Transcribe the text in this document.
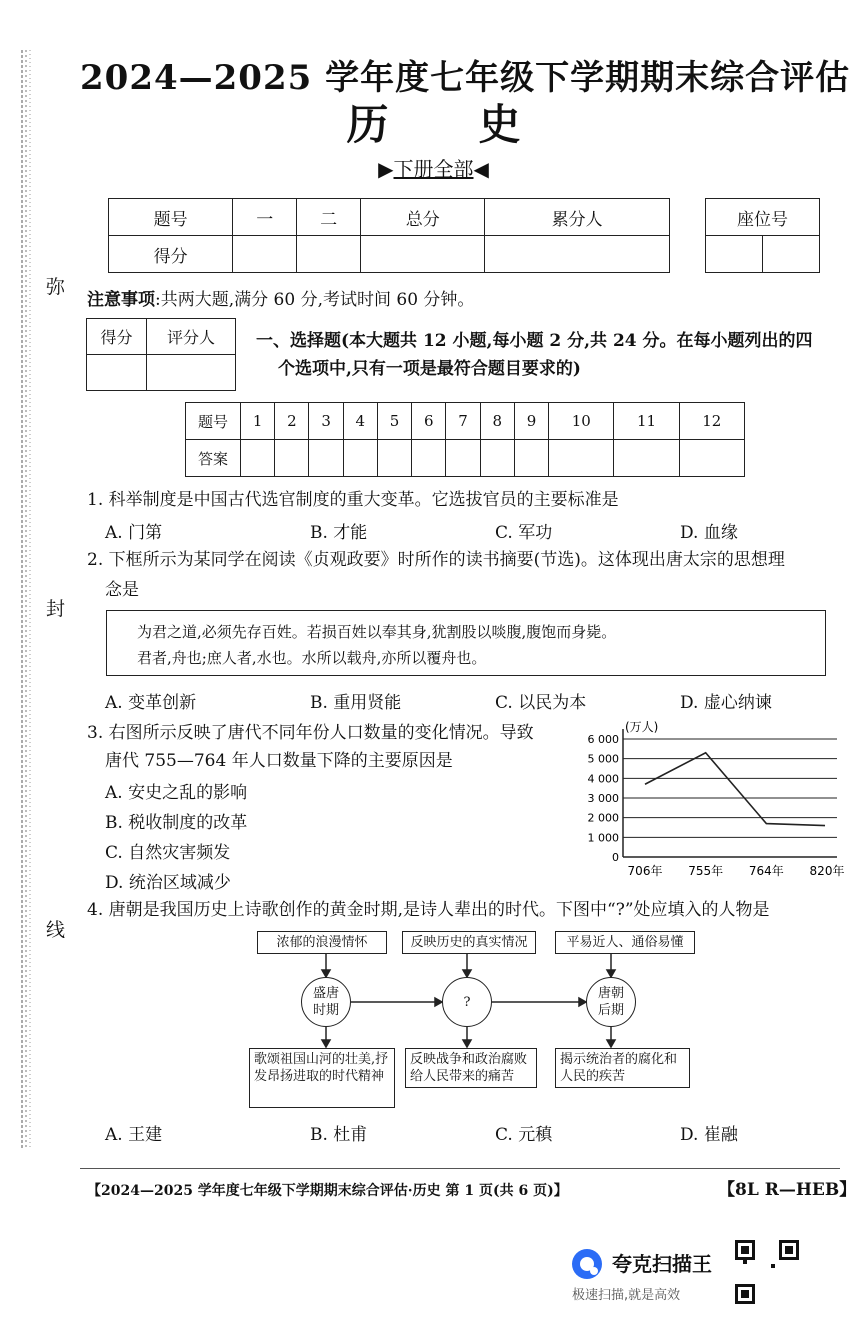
弥
封
线
2024—2025 学年度七年级下学期期末综合评估
历史
▶下册全部◀
题号	一	二	总分	累分人
得分				
座位号

注意事项:共两大题,满分 60 分,考试时间 60 分钟。
得分	评分人
	一、选择题(本大题共 12 小题,每小题 2 分,共 24 分。在每小题列出的四
个选项中,只有一项是最符合题目要求的)
题号	1	2	3	4	5	6	7	8	9	10	11	12
答案												
1. 科举制度是中国古代选官制度的重大变革。它选拔官员的主要标准是
A. 门第	B. 才能	C. 军功	D. 血缘
2. 下框所示为某同学在阅读《贞观政要》时所作的读书摘要(节选)。这体现出唐太宗的思想理
念是
为君之道,必须先存百姓。若损百姓以奉其身,犹割股以啖腹,腹饱而身毙。
君者,舟也;庶人者,水也。水所以载舟,亦所以覆舟也。
A. 变革创新	B. 重用贤能	C. 以民为本	D. 虚心纳谏
3. 右图所示反映了唐代不同年份人口数量的变化情况。导致
唐代 755—764 年人口数量下降的主要原因是
A. 安史之乱的影响
B. 税收制度的改革
C. 自然灾害频发
D. 统治区域减少
(万人)
0
1 000
2 000
3 000
4 000
5 000
6 000
706年 755年 764年 820年
4. 唐朝是我国历史上诗歌创作的黄金时期,是诗人辈出的时代。下图中“?”处应填入的人物是
浓郁的浪漫情怀	反映历史的真实情况	平易近人、通俗易懂
盛唐
时期
?
唐朝
后期
歌颂祖国山河的壮美,抒发昂扬进取的时代精神
反映战争和政治腐败给人民带来的痛苦
揭示统治者的腐化和人民的疾苦
A. 王建	B. 杜甫	C. 元稹	D. 崔融
【2024—2025 学年度七年级下学期期末综合评估·历史 第 1 页(共 6 页)】	【8L R—HEB】
夸克扫描王
极速扫描,就是高效
